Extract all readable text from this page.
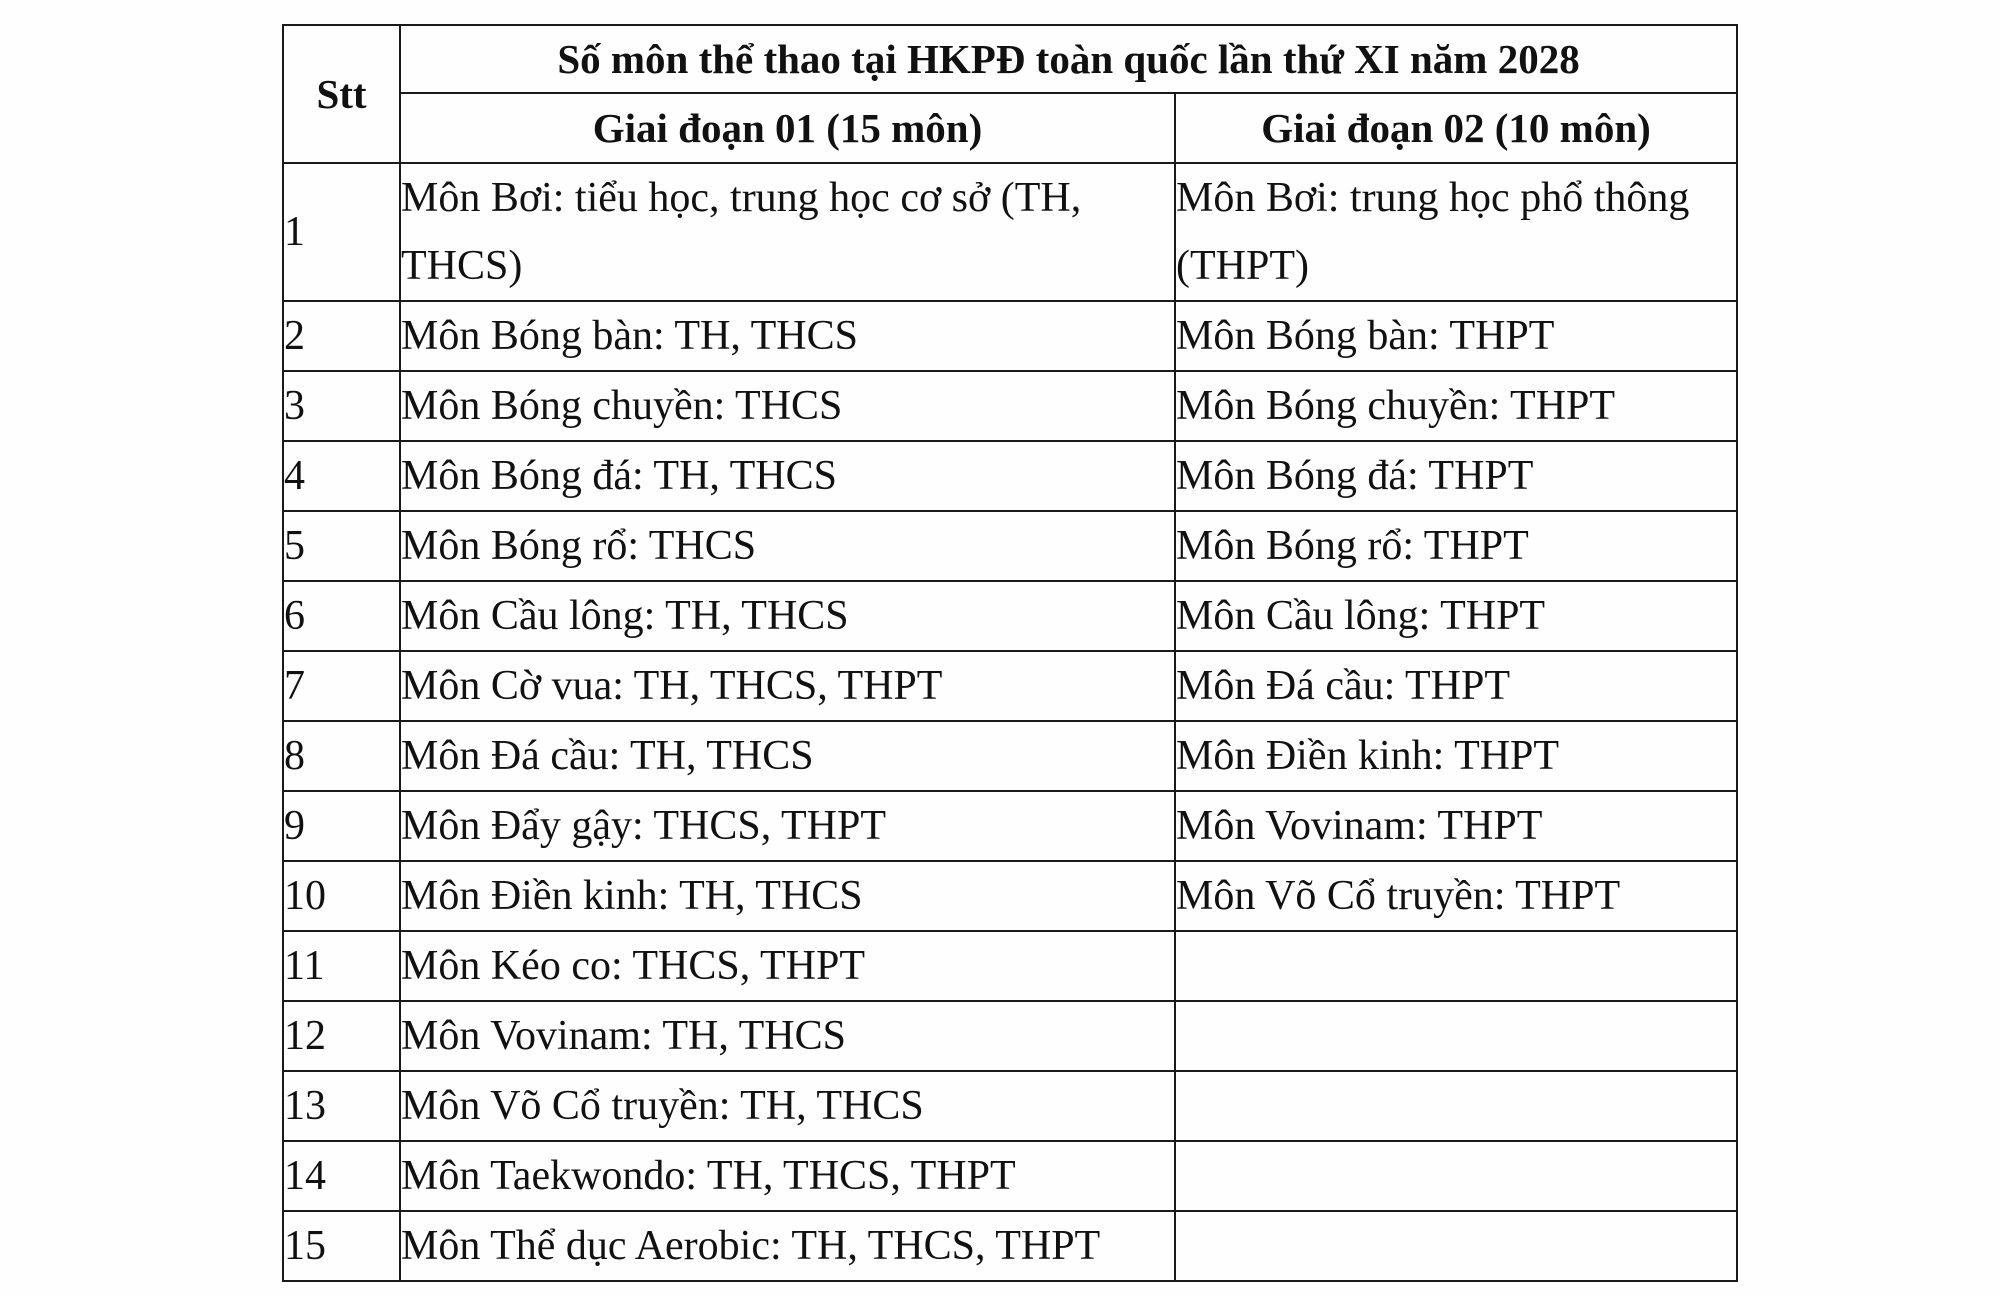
Stt	Số môn thể thao tại HKPĐ toàn quốc lần thứ XI năm 2028	
	Giai đoạn 01 (15 môn)	Giai đoạn 02 (10 môn)
1	Môn Bơi: tiểu học, trung học cơ sở (TH, THCS)	Môn Bơi: trung học phổ thông (THPT)
2	Môn Bóng bàn: TH, THCS	Môn Bóng bàn: THPT
3	Môn Bóng chuyền: THCS	Môn Bóng chuyền: THPT
4	Môn Bóng đá: TH, THCS	Môn Bóng đá: THPT
5	Môn Bóng rổ: THCS	Môn Bóng rổ: THPT
6	Môn Cầu lông: TH, THCS	Môn Cầu lông: THPT
7	Môn Cờ vua: TH, THCS, THPT	Môn Đá cầu: THPT
8	Môn Đá cầu: TH, THCS	Môn Điền kinh: THPT
9	Môn Đẩy gậy: THCS, THPT	Môn Vovinam: THPT
10	Môn Điền kinh: TH, THCS	Môn Võ Cổ truyền: THPT
11	Môn Kéo co: THCS, THPT	
12	Môn Vovinam: TH, THCS	
13	Môn Võ Cổ truyền: TH, THCS	
14	Môn Taekwondo: TH, THCS, THPT	
15	Môn Thể dục Aerobic: TH, THCS, THPT	
